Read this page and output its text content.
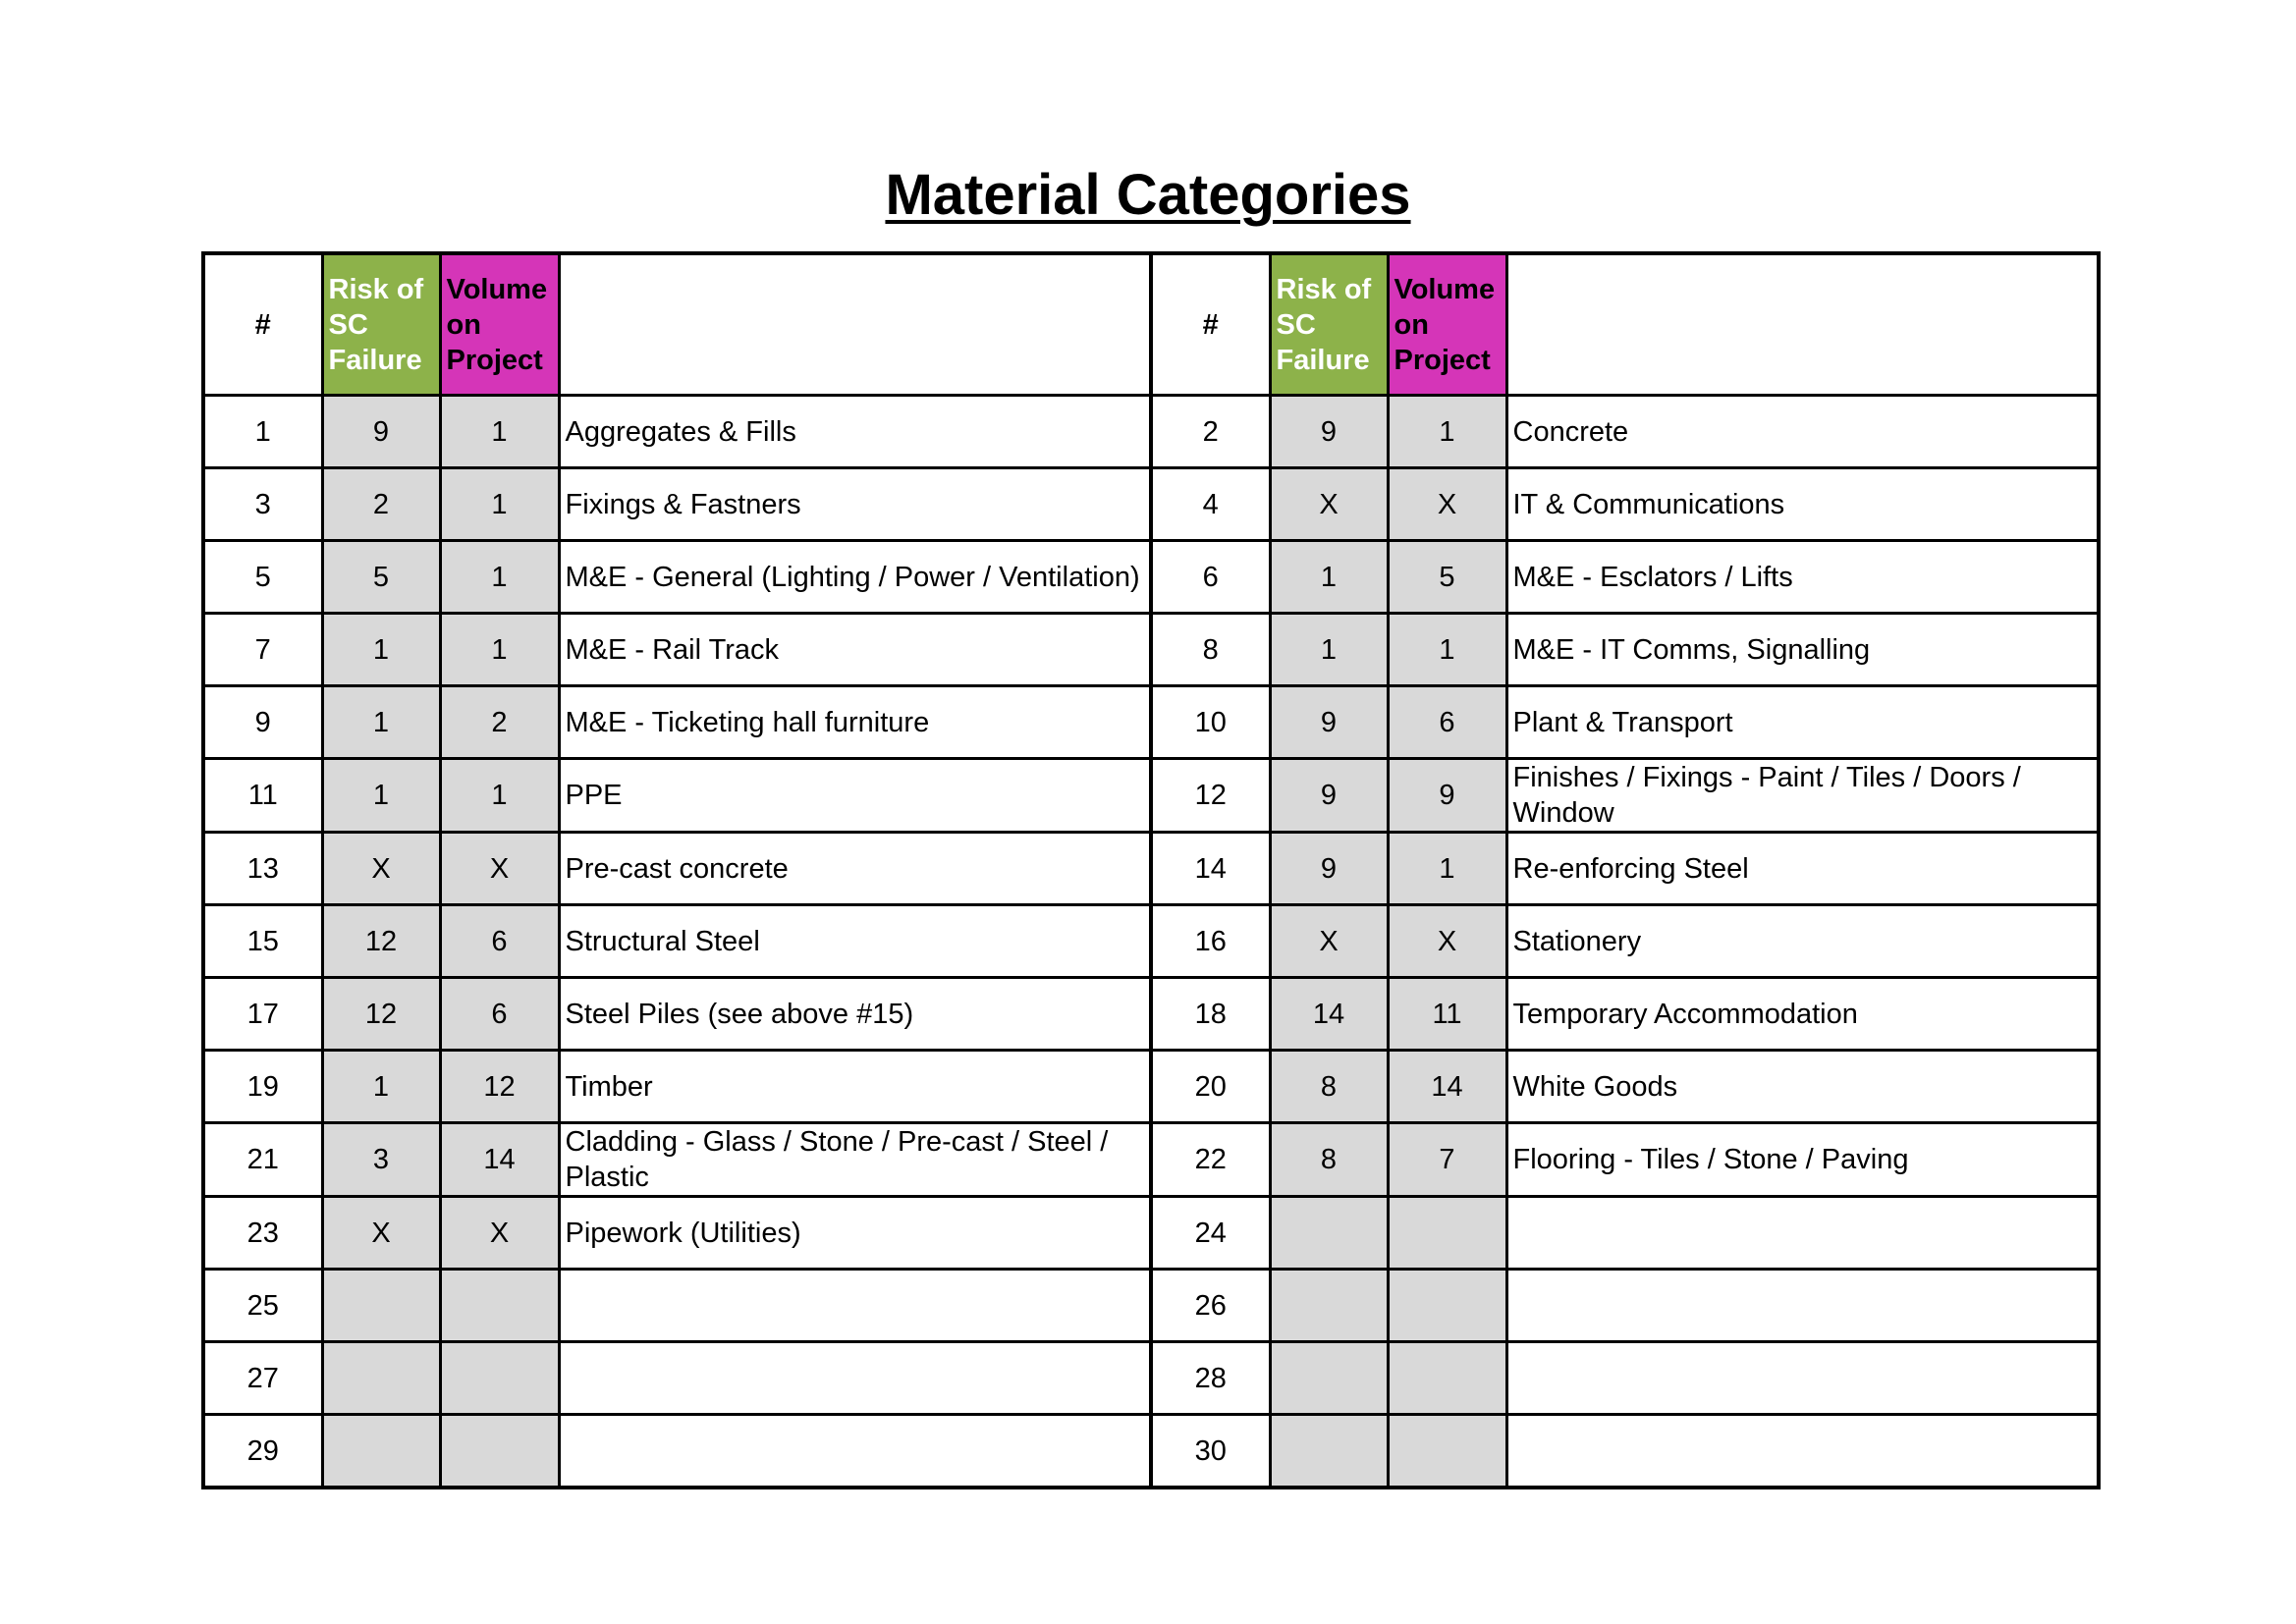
Material Categories
#	Risk of
SC
Failure	Volume
on
Project		#	Risk of
SC
Failure	Volume
on
Project	

1	9	1	Aggregates & Fills	2	9	1	Concrete
3	2	1	Fixings & Fastners	4	X	X	IT & Communications
5	5	1	M&E - General (Lighting / Power / Ventilation)	6	1	5	M&E - Esclators / Lifts
7	1	1	M&E - Rail Track	8	1	1	M&E - IT Comms, Signalling
9	1	2	M&E - Ticketing hall furniture	10	9	6	Plant & Transport
11	1	1	PPE	12	9	9	Finishes / Fixings - Paint / Tiles / Doors / Window
13	X	X	Pre-cast concrete	14	9	1	Re-enforcing Steel
15	12	6	Structural Steel	16	X	X	Stationery
17	12	6	Steel Piles (see above #15)	18	14	11	Temporary Accommodation
19	1	12	Timber	20	8	14	White Goods
21	3	14	Cladding - Glass / Stone / Pre-cast / Steel / Plastic	22	8	7	Flooring - Tiles / Stone / Paving
23	X	X	Pipework (Utilities)	24			
25				26			
27				28			
29				30			
